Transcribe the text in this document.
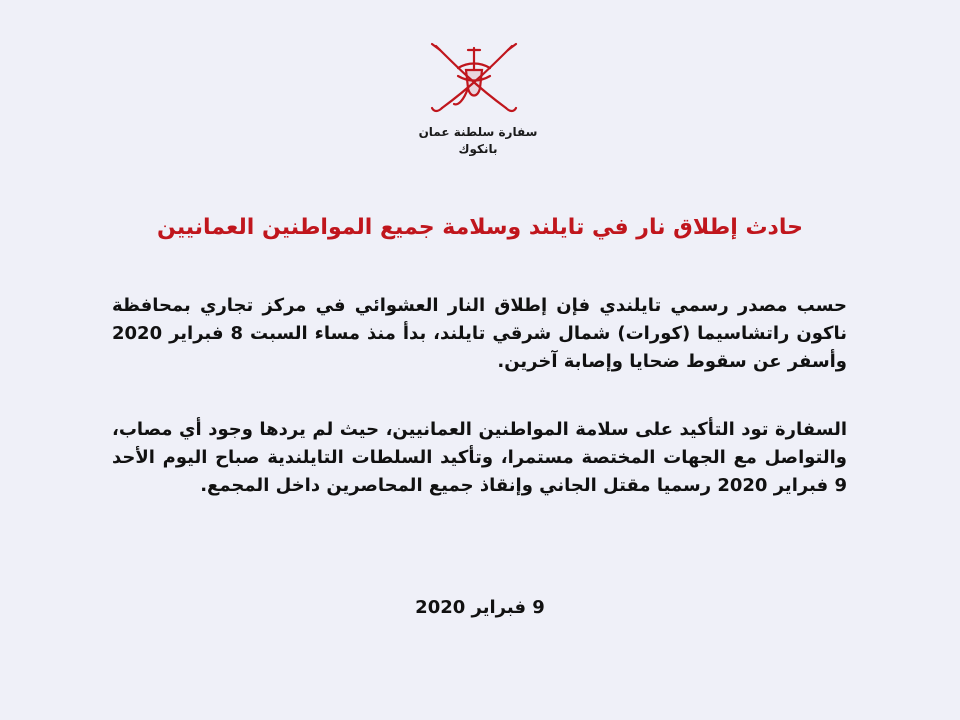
سفارة سلطنة عمان
بانكوك
حادث إطلاق نار في تايلند وسلامة جميع المواطنين العمانيين

حسب مصدر رسمي تايلندي فإن إطلاق النار العشوائي في مركز تجاري بمحافظة ناكون راتشاسيما (كورات) شمال شرقي تايلند، بدأ منذ مساء السبت 8 فبراير 2020 وأسفر عن سقوط ضحايا وإصابة آخرين.

السفارة تود التأكيد على سلامة المواطنين العمانيين، حيث لم يردها وجود أي مصاب، والتواصل مع الجهات المختصة مستمرا، وتأكيد السلطات التايلندية صباح اليوم الأحد 9 فبراير 2020 رسميا مقتل الجاني وإنقاذ جميع المحاصرين داخل المجمع.

9 فبراير 2020
